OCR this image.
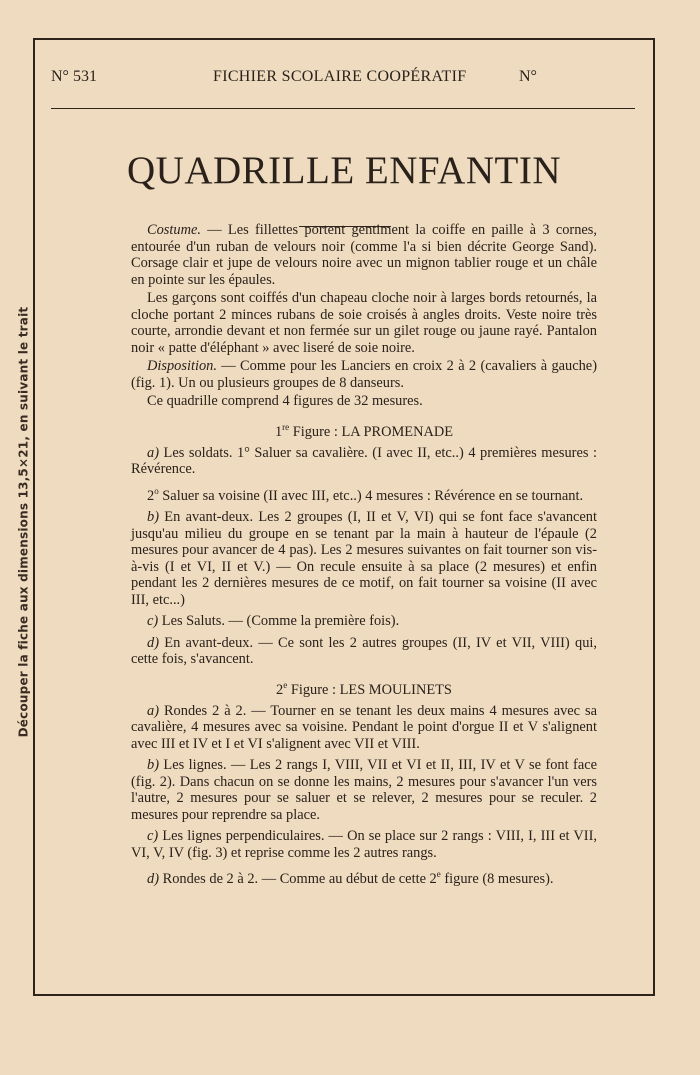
Découper la fiche aux dimensions 13,5×21, en suivant le trait
N° 531	FICHIER SCOLAIRE COOPÉRATIF	N°
QUADRILLE ENFANTIN

Costume. — Les fillettes portent gentiment la coiffe en paille à 3 cornes, entourée d'un ruban de velours noir (comme l'a si bien décrite George Sand). Corsage clair et jupe de velours noire avec un mignon tablier rouge et un châle en pointe sur les épaules.

Les garçons sont coiffés d'un chapeau cloche noir à larges bords retournés, la cloche portant 2 minces rubans de soie croisés à angles droits. Veste noire très courte, arrondie devant et non fermée sur un gilet rouge ou jaune rayé. Pantalon noir « patte d'éléphant » avec liseré de soie noire.

Disposition. — Comme pour les Lanciers en croix 2 à 2 (cavaliers à gauche) (fig. 1). Un ou plusieurs groupes de 8 danseurs.

Ce quadrille comprend 4 figures de 32 mesures.

1re Figure : LA PROMENADE

a) Les soldats. 1° Saluer sa cavalière. (I avec II, etc..) 4 premières mesures : Révérence.

2$^o$ Saluer sa voisine (II avec III, etc..) 4 mesures : Révérence en se tournant.

b) En avant-deux. Les 2 groupes (I, II et V, VI) qui se font face s'avancent jusqu'au milieu du groupe en se tenant par la main à hauteur de l'épaule (2 mesures pour avancer de 4 pas). Les 2 mesures suivantes on fait tourner son vis-à-vis (I et VI, II et V.) — On recule ensuite à sa place (2 mesures) et enfin pendant les 2 dernières mesures de ce motif, on fait tourner sa voisine (II avec III, etc...)

c) Les Saluts. — (Comme la première fois).

d) En avant-deux. — Ce sont les 2 autres groupes (II, IV et VII, VIII) qui, cette fois, s'avancent.

2e Figure : LES MOULINETS

a) Rondes 2 à 2. — Tourner en se tenant les deux mains 4 mesures avec sa cavalière, 4 mesures avec sa voisine. Pendant le point d'orgue II et V s'alignent avec III et IV et I et VI s'alignent avec VII et VIII.

b) Les lignes. — Les 2 rangs I, VIII, VII et VI et II, III, IV et V se font face (fig. 2). Dans chacun on se donne les mains, 2 mesures pour s'avancer l'un vers l'autre, 2 mesures pour se saluer et se relever, 2 mesures pour se reculer. 2 mesures pour reprendre sa place.

c) Les lignes perpendiculaires. — On se place sur 2 rangs : VIII, I, III et VII, VI, V, IV (fig. 3) et reprise comme les 2 autres rangs.

d) Rondes de 2 à 2. — Comme au début de cette 2e figure (8 mesures).
